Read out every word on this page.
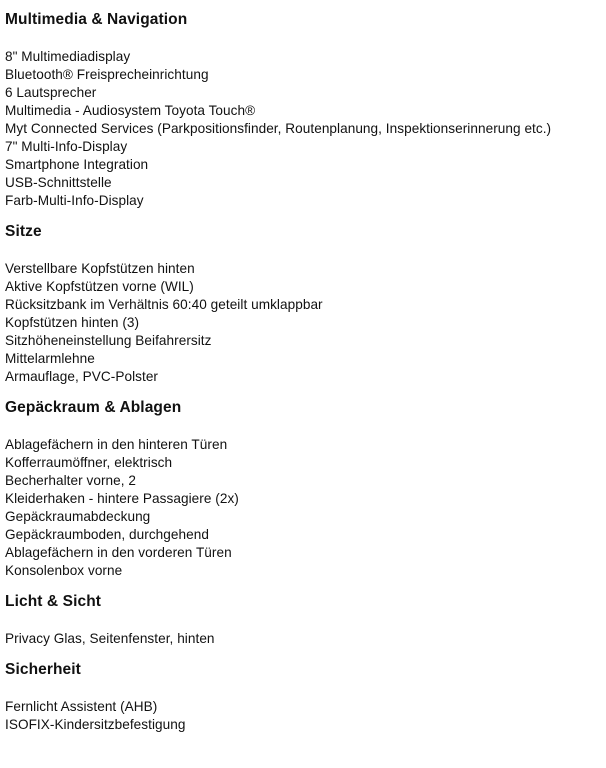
Multimedia & Navigation
8" Multimediadisplay
Bluetooth® Freisprecheinrichtung
6 Lautsprecher
Multimedia - Audiosystem Toyota Touch®
Myt Connected Services (Parkpositionsfinder, Routenplanung, Inspektionserinnerung etc.)
7" Multi-Info-Display
Smartphone Integration
USB-Schnittstelle
Farb-Multi-Info-Display
Sitze
Verstellbare Kopfstützen hinten
Aktive Kopfstützen vorne (WIL)
Rücksitzbank im Verhältnis 60:40 geteilt umklappbar
Kopfstützen hinten (3)
Sitzhöheneinstellung Beifahrersitz
Mittelarmlehne
Armauflage, PVC-Polster
Gepäckraum & Ablagen
Ablagefächern in den hinteren Türen
Kofferraumöffner, elektrisch
Becherhalter vorne, 2
Kleiderhaken - hintere Passagiere (2x)
Gepäckraumabdeckung
Gepäckraumboden, durchgehend
Ablagefächern in den vorderen Türen
Konsolenbox vorne
Licht & Sicht
Privacy Glas, Seitenfenster, hinten
Sicherheit
Fernlicht Assistent (AHB)
ISOFIX-Kindersitzbefestigung
